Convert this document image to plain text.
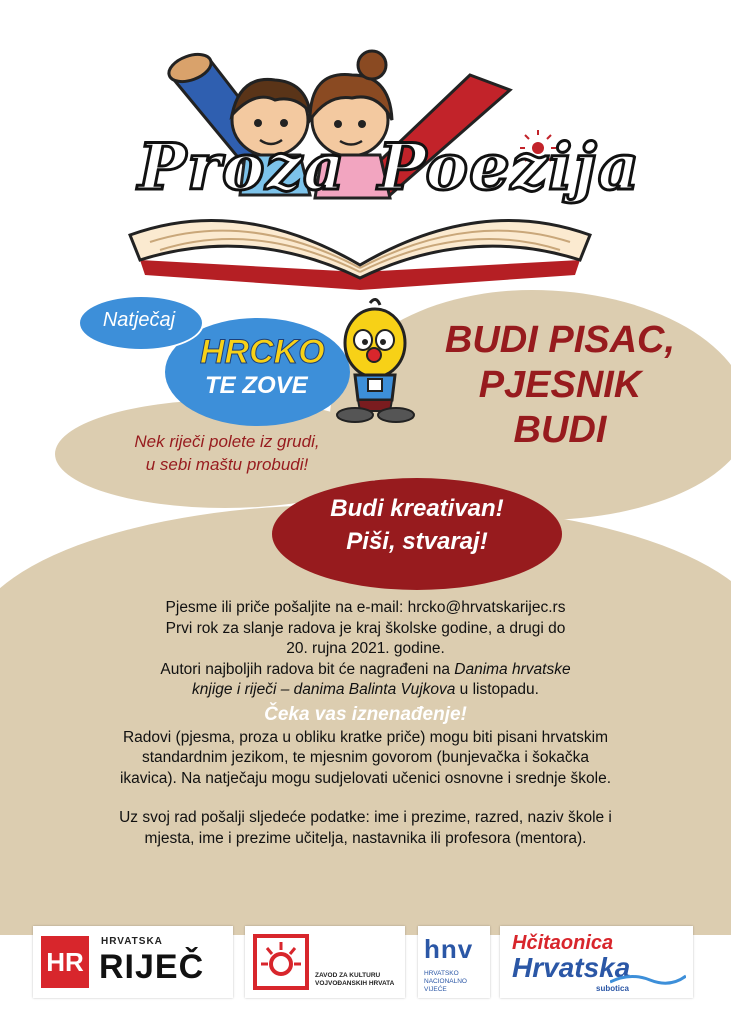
Proza Poezija
Natječaj
HRCKO
TE ZOVE
BUDI PISAC,
PJESNIK
BUDI
Nek riječi polete iz grudi,
u sebi maštu probudi!
Budi kreativan!
Piši, stvaraj!
Pjesme ili priče pošaljite na e-mail: hrcko@hrvatskarijec.rs
Prvi rok za slanje radova je kraj školske godine, a drugi do
20. rujna 2021. godine.
Autori najboljih radova bit će nagrađeni na Danima hrvatske
knjige i riječi – danima Balinta Vujkova u listopadu.
Čeka vas iznenađenje!
Radovi (pjesma, proza u obliku kratke priče) mogu biti pisani hrvatskim
standardnim jezikom, te mjesnim govorom (bunjevačka i šokačka
ikavica). Na natječaju mogu sudjelovati učenici osnovne i srednje škole.
Uz svoj rad pošalji sljedeće podatke: ime i prezime, razred, naziv škole i
mjesta, ime i prezime učitelja, nastavnika ili profesora (mentora).
HR
HRVATSKA
RIJEČ	ZAVOD ZA KULTURU VOJVOĐANSKIH HRVATA
hnv
HRVATSKO NACIONALNO VIJEĆE
Hčitaonica
Hrvatska
subotica
